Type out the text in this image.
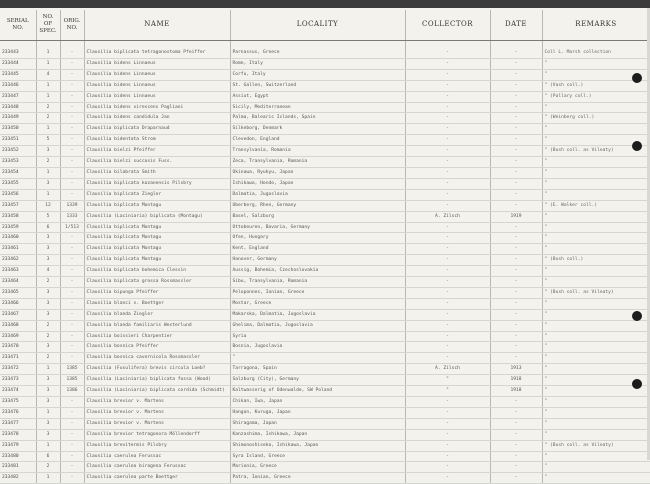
SERIAL NO.	NO. OF SPEC.	ORIG. NO.	NAME	LOCALITY	COLLECTOR	DATE	REMARKS

233443	1	-	Clausilia biplicata tetragonostoma Pfeiffer	Parnassus, Greece	-	-	Coll L. Marsh collection
233444	1	-	Clausilia bidens Linnaeus	Rome, Italy	-	-	"
233445	4	-	Clausilia bidens Linnaeus	Corfu, Italy	-	-	"
233446	1	-	Clausilia bidens Linnaeus	St. Gallen, Switzerland	-	-	" (Vash coll.)
233447	1	-	Clausilia bidens Linnaeus	Assiut, Egypt	-	-	" (Pallary coll.)
233448	2	-	Clausilia bidens virescens Pagliani	Sicily, Mediterranean	-	-	"
233449	2	-	Clausilia bidens candidula Jan	Palma, Balearic Islands, Spain	-	-	" (Weinberg coll.)
233450	1	-	Clausilia biplicata Draparnaud	Silkeborg, Denmark	-	-	"
233451	5	-	Clausilia bidentata Strom	Clevedon, England	-	-	"
233452	3	-	Clausilia bielzi Pfeiffer	Transylvania, Romania	-	-	" (Bush coll. as Vileaty)
233453	2	-	Clausilia bielzi succosis Fuss.	Zeca, Transylvania, Romania	-	-	"
233454	1	-	Clausilia bilabrata Smith	Okinawa, Ryukyu, Japan	-	-	"
233455	3	-	Clausilia biplicata kozanensis Pilsbry	Ishikawa, Hondo, Japan	-	-	"
233456	1	-	Clausilia biplicata Ziegler	Dalmatia, Jugoslavia	-	-	"
233457	12	1339	Clausilia biplicata Montagu	Oberberg, Rhen, Germany	-	-	" (E. Walker coll.)
233458	5	1333	Clausilia (Laciniaria) biplicata (Montagu)	Basel, Salzburg	A. Zilsch	1919	"
233459	6	1/513	Clausilia biplicata Montagu	Ottobeuren, Bavaria, Germany	-	-	"
233460	3	-	Clausilia biplicata Montagu	Ofen, Hungary	-	-	"
233461	3	-	Clausilia biplicata Montagu	Kent, England	-	-	"
233462	3	-	Clausilia biplicata Montagu	Hanover, Germany	-	-	" (Bush coll.)
233463	4	-	Clausilia biplicata bohemica Clessin	Aussig, Bohemia, Czechoslovakia	-	-	"
233464	2	-	Clausilia biplicata grossa Rossmassler	Sibu, Transylvania, Romania	-	-	"
233465	3	-	Clausilia bipunga Pfeiffer	Peloponnes, Ionian, Greece	-	-	" (Bush coll. as Vileaty)
233466	3	-	Clausilia blanci v. Boettger	Mostar, Greece	-	-	"
233467	3	-	Clausilia blanda Ziegler	Makarska, Dalmatia, Jugoslavia	-	-	"
233468	2	-	Clausilia blanda familiaris Westerlund	Ghelima, Dalmatia, Jugoslavia	-	-	"
233469	2	-	Clausilia boissieri Charpentier	Syria	-	-	"
233470	3	-	Clausilia bosnica Pfeiffer	Bosnia, Jugoslavia	-	-	"
233471	2	-	Clausilia bosnica cavernicola Rossmassler	"	-	-	"
233472	1	1385	Clausilia (Fusulifera) brevis circula Loeb?	Tarragona, Spain	A. Zilsch	1913	"
233473	3	1385	Clausilia (Laciniaria) biplicata fossa (Wood)	Salzburg (City), Germany	"	1918	"
233474	3	1386	Clausilia (Laciniaria) biplicata cordida (Schmidt)	Kaltwasserig of Odenwalde, SW Poland	"	1918	"
233475	3	-	Clausilia brevior v. Martens	Chikan, Iwa, Japan	-	-	"
233476	1	-	Clausilia brevior v. Martens	Hangan, Kuruga, Japan	-	-	"
233477	3	-	Clausilia brevior v. Martens	Shiragama, Japan	-	-	"
233478	3	-	Clausilia brevior tetragonora Möllendorff	Kanzashima, Ishikawa, Japan	-	-	"
233479	1	-	Clausilia brevitermis Pilsbry	Shimonoshiseka, Ishikawa, Japan	-	-	" (Bush coll. as Vileaty)
233480	6	-	Clausilia caerulea Ferussac	Syra Island, Greece	-	-	"
233481	2	-	Clausilia caerulea biragena Ferussac	Marionia, Greece	-	-	"
233482	1	-	Clausilia caerulea parte Boettger	Patra, Ionian, Greece	-	-	"
